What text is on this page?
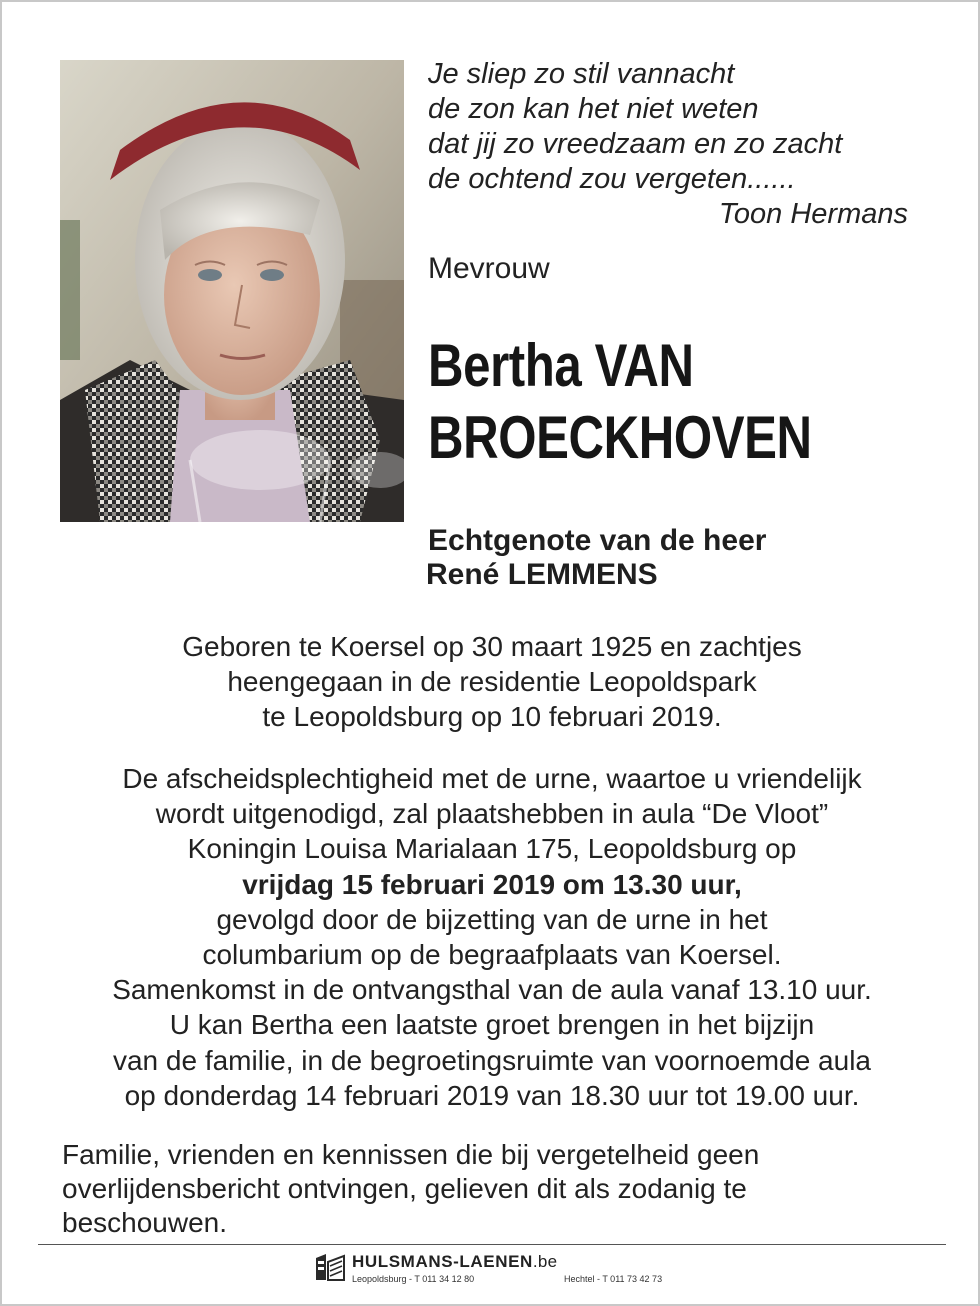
Je sliep zo stil vannacht
de zon kan het niet weten
dat jij zo vreedzaam en zo zacht
de ochtend zou vergeten......
Toon Hermans
Mevrouw
Bertha VAN
BROECKHOVEN
Echtgenote van de heer
René LEMMENS
Geboren te Koersel op 30 maart 1925 en zachtjes
heengegaan in de residentie Leopoldspark
te Leopoldsburg op 10 februari 2019.
De afscheidsplechtigheid met de urne, waartoe u vriendelijk
wordt uitgenodigd, zal plaatshebben in aula “De Vloot”
Koningin Louisa Marialaan 175, Leopoldsburg op
vrijdag 15 februari 2019 om 13.30 uur,
gevolgd door de bijzetting van de urne in het
columbarium op de begraafplaats van Koersel.
Samenkomst in de ontvangsthal van de aula vanaf 13.10 uur.
U kan Bertha een laatste groet brengen in het bijzijn
van de familie, in de begroetingsruimte van voornoemde aula
op donderdag 14 februari 2019 van 18.30 uur tot 19.00 uur.
Familie, vrienden en kennissen die bij vergetelheid geen
overlijdensbericht ontvingen, gelieven dit als zodanig te
beschouwen.
HULSMANS-LAENEN.be
Leopoldsburg - T 011 34 12 80	Hechtel - T 011 73 42 73
